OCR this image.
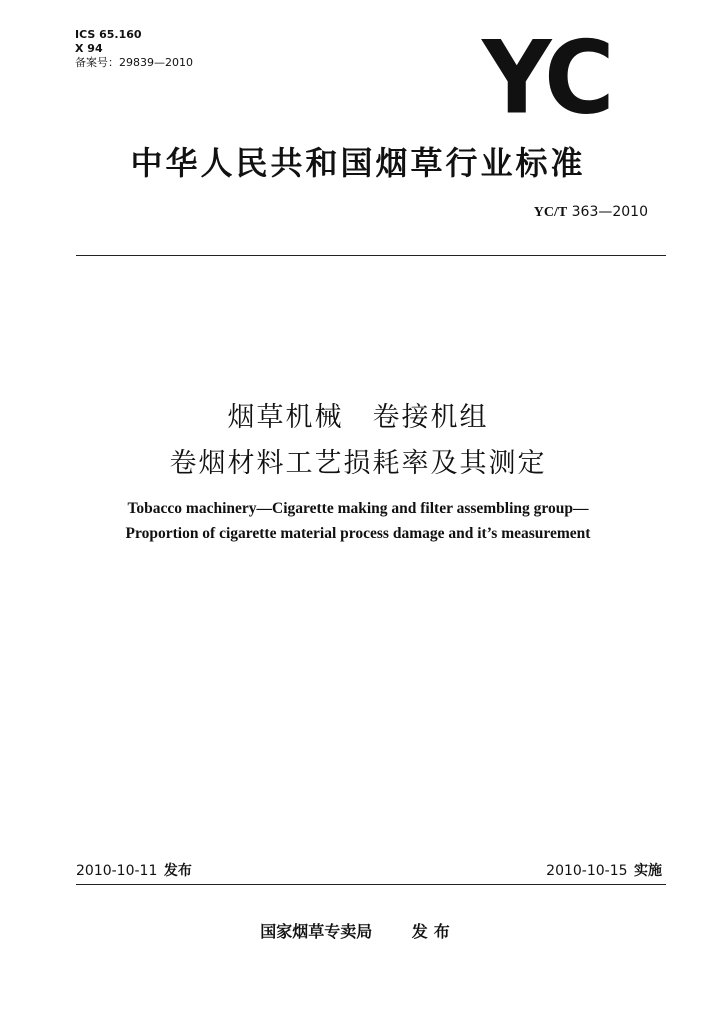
ICS 65.160
X 94
备案号：29839—2010	YC
中华人民共和国烟草行业标准
YC/T 363—2010
烟草机械　卷接机组
卷烟材料工艺损耗率及其测定
Tobacco machinery—Cigarette making and filter assembling group—
Proportion of cigarette material process damage and it’s measurement
2010-10-11 发布	2010-10-15 实施
国家烟草专卖局 发布
